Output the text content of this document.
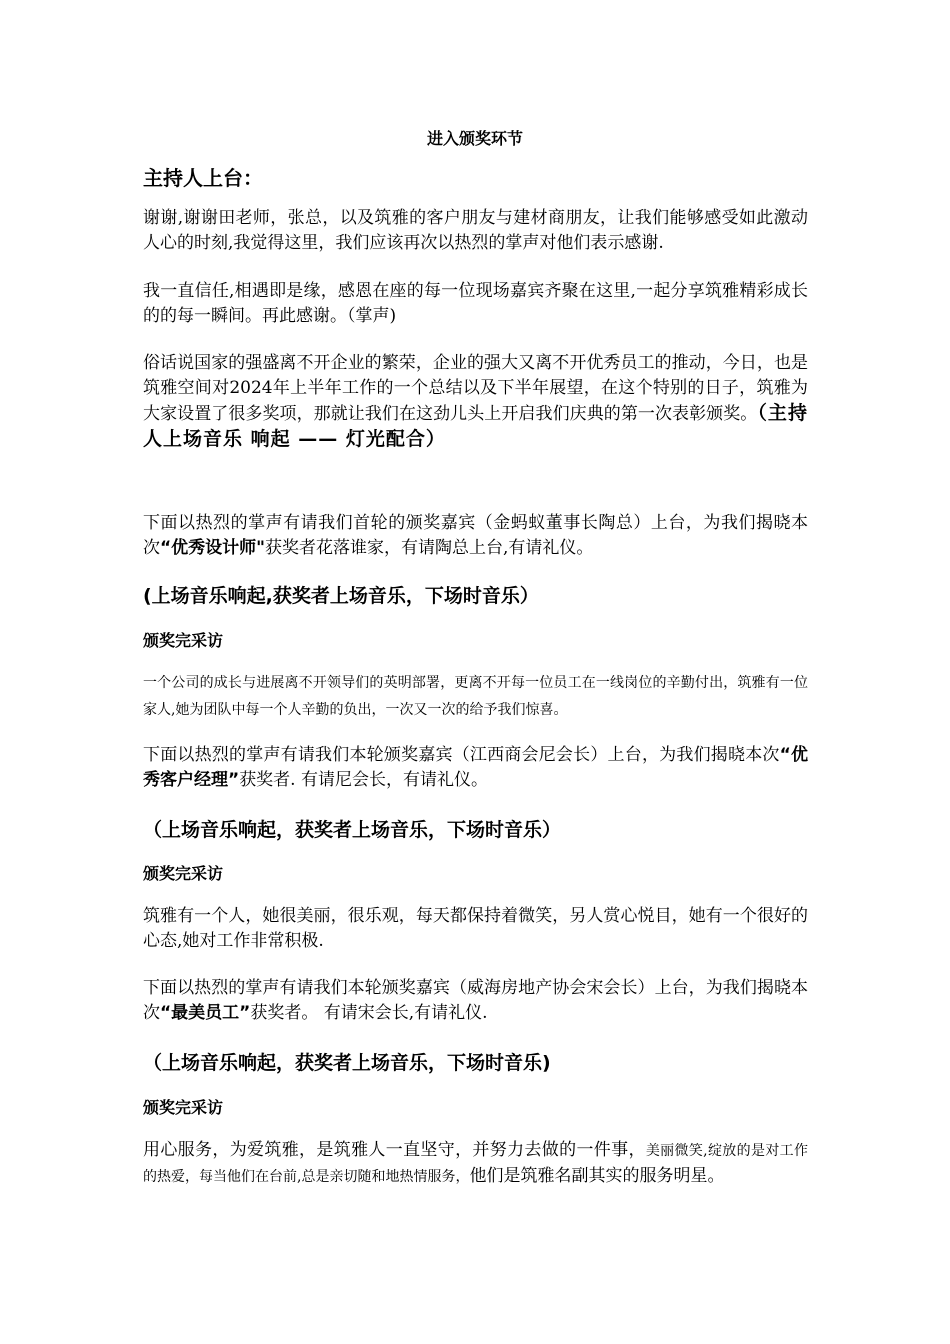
进入颁奖环节

主持人上台：

谢谢,谢谢田老师，张总，以及筑雅的客户朋友与建材商朋友，让我们能够感受如此激动人心的时刻,我觉得这里，我们应该再次以热烈的掌声对他们表示感谢.

我一直信任,相遇即是缘，感恩在座的每一位现场嘉宾齐聚在这里,一起分享筑雅精彩成长的的每一瞬间。再此感谢。（掌声)

俗话说国家的强盛离不开企业的繁荣，企业的强大又离不开优秀员工的推动，今日，也是筑雅空间对2024年上半年工作的一个总结以及下半年展望，在这个特别的日子，筑雅为大家设置了很多奖项，那就让我们在这劲儿头上开启我们庆典的第一次表彰颁奖。（主持人上场音乐 响起 —— 灯光配合）

下面以热烈的掌声有请我们首轮的颁奖嘉宾（金蚂蚁董事长陶总）上台，为我们揭晓本次“优秀设计师"获奖者花落谁家，有请陶总上台,有请礼仪。

(上场音乐响起,获奖者上场音乐，下场时音乐）

颁奖完采访

一个公司的成长与进展离不开领导们的英明部署，更离不开每一位员工在一线岗位的辛勤付出，筑雅有一位家人,她为团队中每一个人辛勤的负出，一次又一次的给予我们惊喜。

下面以热烈的掌声有请我们本轮颁奖嘉宾（江西商会尼会长）上台，为我们揭晓本次“优秀客户经理”获奖者. 有请尼会长，有请礼仪。

（上场音乐响起，获奖者上场音乐，下场时音乐）

颁奖完采访

筑雅有一个人，她很美丽，很乐观，每天都保持着微笑，另人赏心悦目，她有一个很好的心态,她对工作非常积极.

下面以热烈的掌声有请我们本轮颁奖嘉宾（威海房地产协会宋会长）上台，为我们揭晓本次“最美员工”获奖者。 有请宋会长,有请礼仪.

（上场音乐响起，获奖者上场音乐，下场时音乐)

颁奖完采访

用心服务，为爱筑雅，是筑雅人一直坚守，并努力去做的一件事，美丽微笑,绽放的是对工作的热爱，每当他们在台前,总是亲切随和地热情服务，他们是筑雅名副其实的服务明星。
